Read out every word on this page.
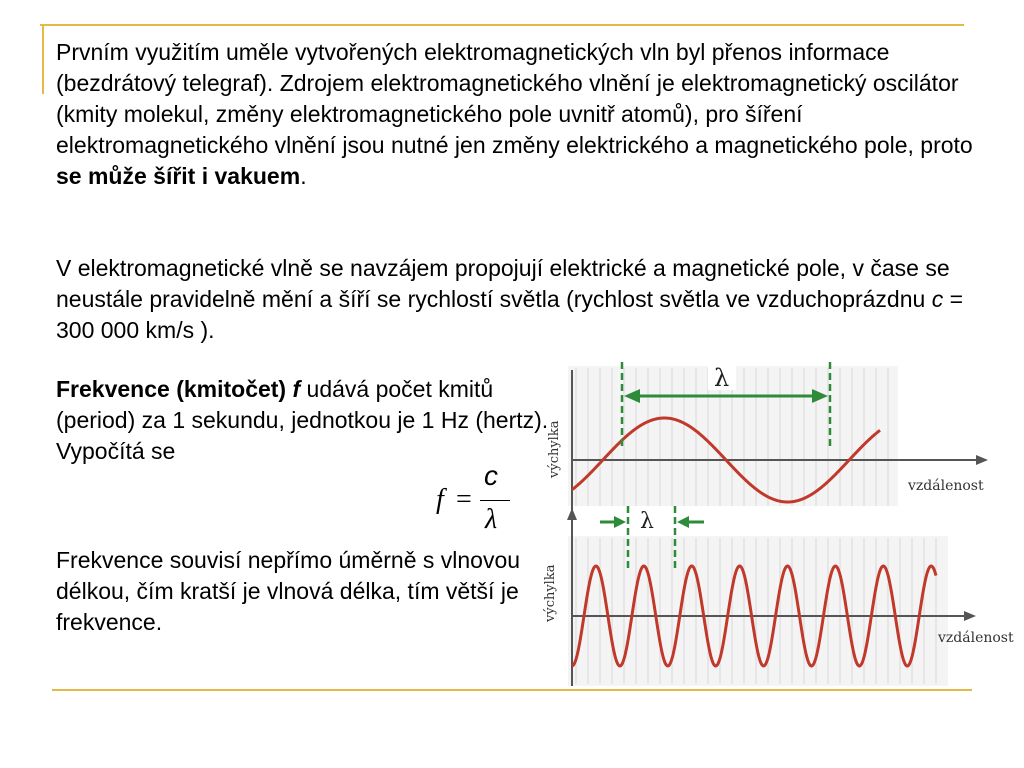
Prvním využitím uměle vytvořených elektromagnetických vln byl přenos informace (bezdrátový telegraf). Zdrojem elektromagnetického vlnění je elektromagnetický oscilátor (kmity molekul, změny elektromagnetického pole uvnitř atomů), pro šíření elektromagnetického vlnění jsou nutné jen změny elektrického a magnetického pole, proto se může šířit i vakuem.

V elektromagnetické vlně se navzájem propojují elektrické a magnetické pole, v čase se neustále pravidelně mění a šíří se rychlostí světla (rychlost světla ve vzduchoprázdnu c = 300 000 km/s ).

Frekvence (kmitočet) f udává počet kmitů (period) za 1 sekundu, jednotkou je 1 Hz (hertz). Vypočítá se

f =
c
λ

Frekvence souvisí nepřímo úměrně s vlnovou délkou, čím kratší je vlnová délka, tím větší je frekvence.

výchylka
vzdálenost
λ
výchylka
vzdálenost
λ
